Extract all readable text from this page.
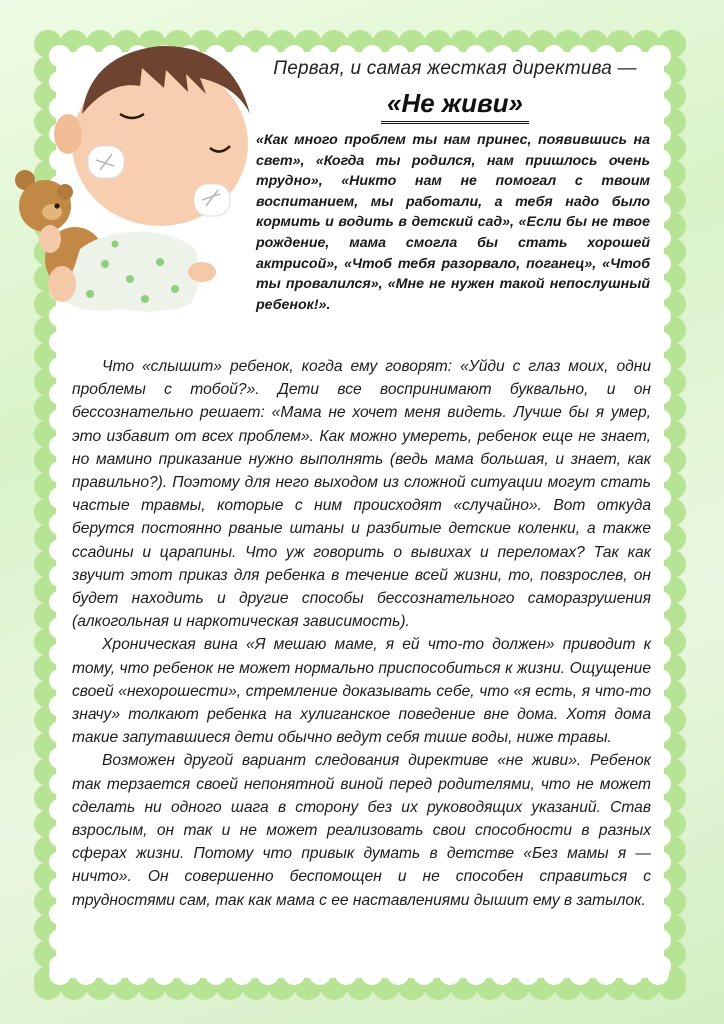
Первая, и самая жесткая директива —
«Не живи»

«Как много проблем ты нам принес, появившись на свет», «Когда ты родился, нам пришлось очень трудно», «Никто нам не помогал с твоим воспитанием, мы работали, а тебя надо было кормить и водить в детский сад», «Если бы не твое рождение, мама смогла бы стать хорошей актрисой», «Чтоб тебя разорвало, поганец», «Чтоб ты провалился», «Мне не нужен такой непослушный ребенок!».

Что «слышит» ребенок, когда ему говорят: «Уйди с глаз моих, одни проблемы с тобой?». Дети все воспринимают буквально, и он бессознательно решает: «Мама не хочет меня видеть. Лучше бы я умер, это избавит от всех проблем». Как можно умереть, ребенок еще не знает, но мамино приказание нужно выполнять (ведь мама большая, и знает, как правильно?). Поэтому для него выходом из сложной ситуации могут стать частые травмы, которые с ним происходят «случайно». Вот откуда берутся постоянно рваные штаны и разбитые детские коленки, а также ссадины и царапины. Что уж говорить о вывихах и переломах? Так как звучит этот приказ для ребенка в течение всей жизни, то, повзрослев, он будет находить и другие способы бессознательного саморазрушения (алкогольная и наркотическая зависимость).

Хроническая вина «Я мешаю маме, я ей что-то должен» приводит к тому, что ребенок не может нормально приспособиться к жизни. Ощущение своей «нехорошести», стремление доказывать себе, что «я есть, я что-то значу» толкают ребенка на хулиганское поведение вне дома. Хотя дома такие запутавшиеся дети обычно ведут себя тише воды, ниже травы.

Возможен другой вариант следования директиве «не живи». Ребенок так терзается своей непонятной виной перед родителями, что не может сделать ни одного шага в сторону без их руководящих указаний. Став взрослым, он так и не может реализовать свои способности в разных сферах жизни. Потому что привык думать в детстве «Без мамы я — ничто». Он совершенно беспомощен и не способен справиться с трудностями сам, так как мама с ее наставлениями дышит ему в затылок.
